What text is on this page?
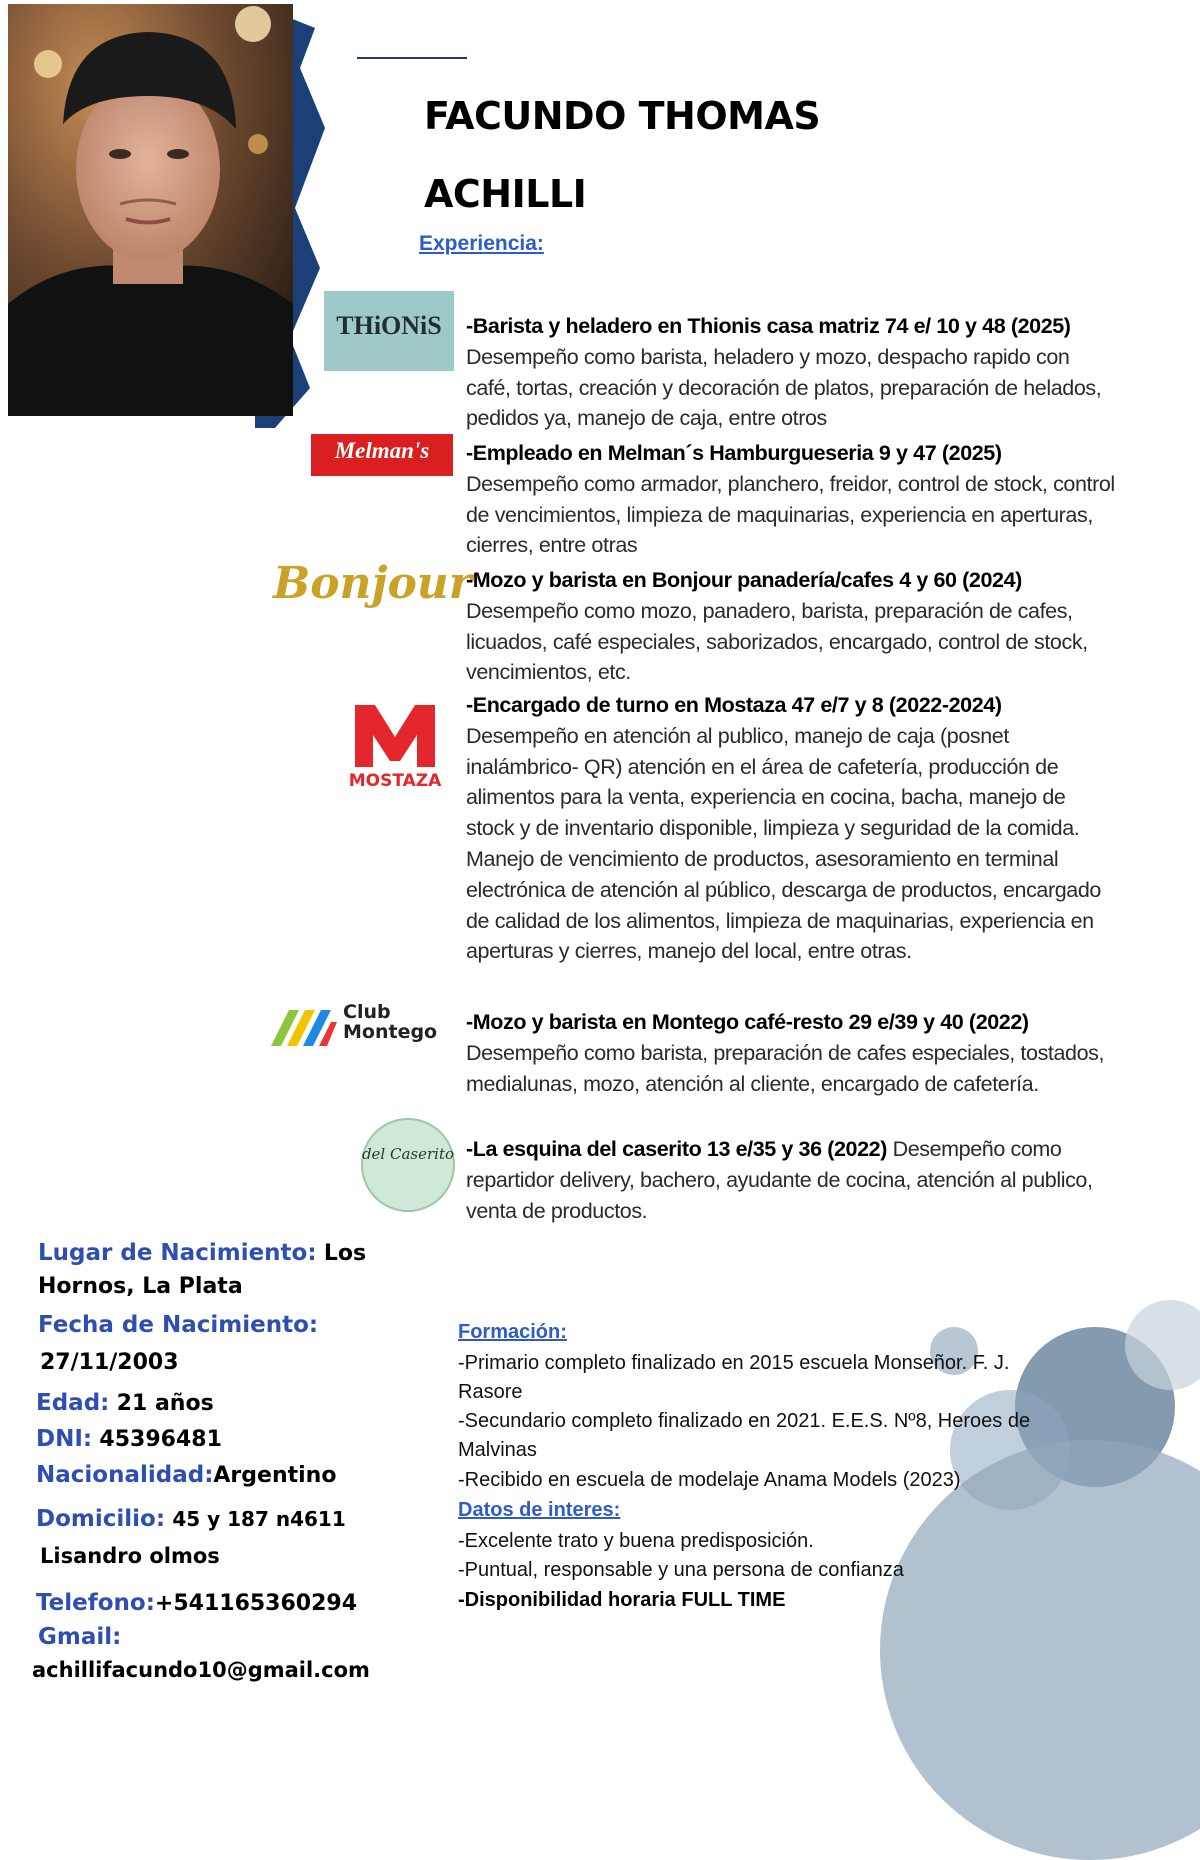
FACUNDO THOMAS
ACHILLI
Experiencia:
THiONiS
Melman's
Bonjour
MOSTAZA
Club Montego
del Caserito
-Barista y heladero en Thionis casa matriz 74 e/ 10 y 48 (2025)
Desempeño como barista, heladero y mozo, despacho rapido con café, tortas, creación y decoración de platos, preparación de helados, pedidos ya, manejo de caja, entre otros
-Empleado en Melman´s Hamburgueseria 9 y 47 (2025)
Desempeño como armador, planchero, freidor, control de stock, control de vencimientos, limpieza de maquinarias, experiencia en aperturas, cierres, entre otras
-Mozo y barista en Bonjour panadería/cafes 4 y 60 (2024)
Desempeño como mozo, panadero, barista, preparación de cafes, licuados, café especiales, saborizados, encargado, control de stock, vencimientos, etc.
-Encargado de turno en Mostaza 47 e/7 y 8 (2022-2024)
Desempeño en atención al publico, manejo de caja (posnet inalámbrico- QR) atención en el área de cafetería, producción de alimentos para la venta, experiencia en cocina, bacha, manejo de stock y de inventario disponible, limpieza y seguridad de la comida. Manejo de vencimiento de productos, asesoramiento en terminal electrónica de atención al público, descarga de productos, encargado de calidad de los alimentos, limpieza de maquinarias, experiencia en aperturas y cierres, manejo del local, entre otras.
-Mozo y barista en Montego café-resto 29 e/39 y 40 (2022)
Desempeño como barista, preparación de cafes especiales, tostados, medialunas, mozo, atención al cliente, encargado de cafetería.
-La esquina del caserito 13 e/35 y 36 (2022) Desempeño como repartidor delivery, bachero, ayudante de cocina, atención al publico, venta de productos.
Lugar de Nacimiento: Los
Hornos, La Plata
Fecha de Nacimiento:
27/11/2003
Edad: 21 años
DNI: 45396481
Nacionalidad:Argentino
Domicilio: 45 y 187 n4611
Lisandro olmos
Telefono:+541165360294
Gmail:
achillifacundo10@gmail.com
Formación:
-Primario completo finalizado en 2015 escuela Monseñor. F. J.
Rasore
-Secundario completo finalizado en 2021. E.E.S. Nº8, Heroes de
Malvinas
-Recibido en escuela de modelaje Anama Models (2023)
Datos de interes:
-Excelente trato y buena predisposición.
-Puntual, responsable y una persona de confianza
-Disponibilidad horaria FULL TIME
